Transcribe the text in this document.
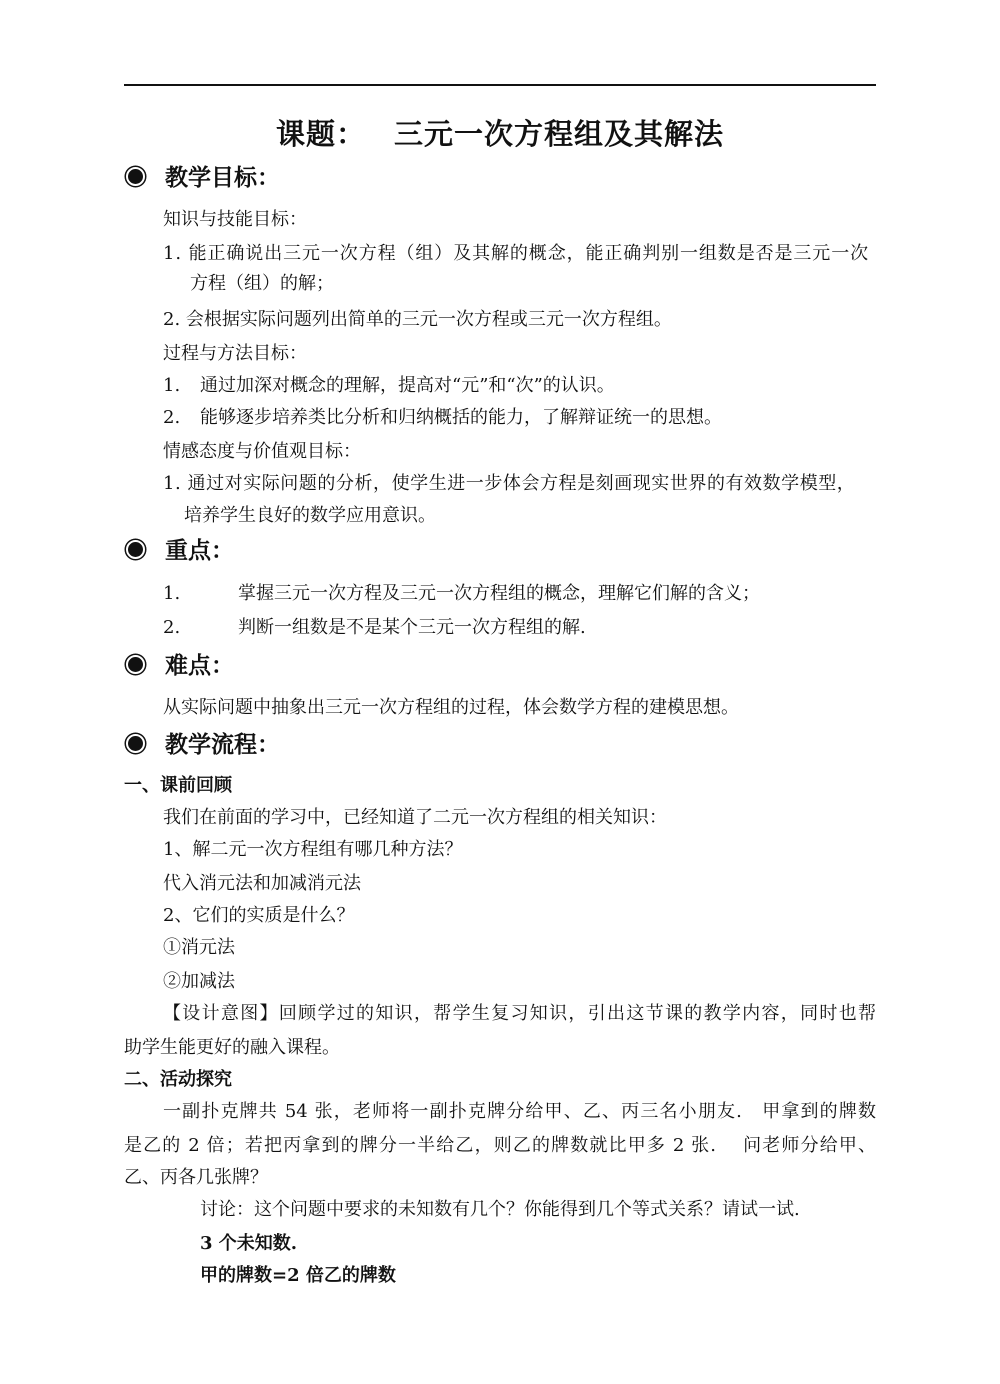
课题： 三元一次方程组及其解法
教学目标：
知识与技能目标：
1. 能正确说出三元一次方程（组）及其解的概念，能正确判别一组数是否是三元一次
方程（组）的解；
2. 会根据实际问题列出简单的三元一次方程或三元一次方程组。
过程与方法目标：
1. 通过加深对概念的理解，提高对“元”和“次”的认识。
2. 能够逐步培养类比分析和归纳概括的能力，了解辩证统一的思想。
情感态度与价值观目标：
1. 通过对实际问题的分析，使学生进一步体会方程是刻画现实世界的有效数学模型，
培养学生良好的数学应用意识。
重点：
1.	掌握三元一次方程及三元一次方程组的概念，理解它们解的含义；
2.	判断一组数是不是某个三元一次方程组的解.
难点：
从实际问题中抽象出三元一次方程组的过程，体会数学方程的建模思想。
教学流程：
一、课前回顾
我们在前面的学习中，已经知道了二元一次方程组的相关知识：
1、解二元一次方程组有哪几种方法？
代入消元法和加减消元法
2、它们的实质是什么？
①消元法
②加减法
【设计意图】回顾学过的知识，帮学生复习知识，引出这节课的教学内容，同时也帮
助学生能更好的融入课程。
二、活动探究
一副扑克牌共 54 张，老师将一副扑克牌分给甲、乙、丙三名小朋友.　甲拿到的牌数
是乙的 2 倍；若把丙拿到的牌分一半给乙，则乙的牌数就比甲多 2 张.　 问老师分给甲、
乙、丙各几张牌？
讨论：这个问题中要求的未知数有几个？你能得到几个等式关系？请试一试.
3 个未知数.
甲的牌数=2 倍乙的牌数
